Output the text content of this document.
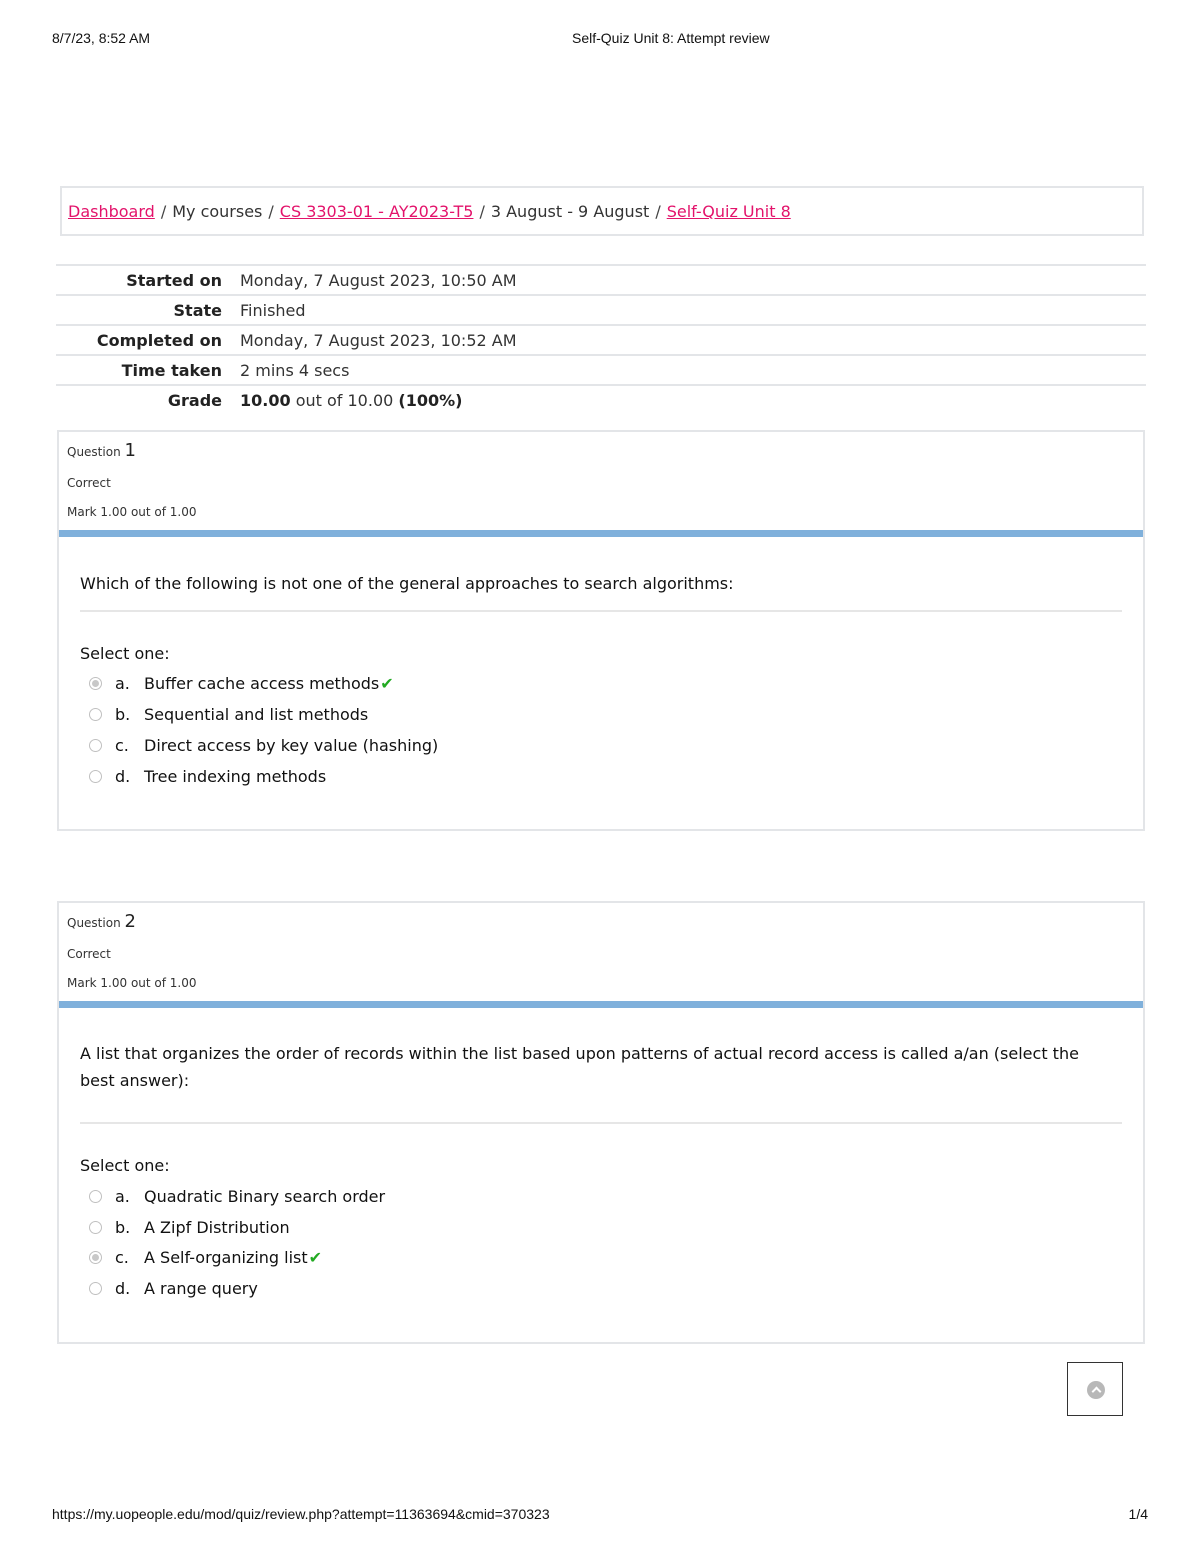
8/7/23, 8:52 AM	Self-Quiz Unit 8: Attempt review
Dashboard / My courses / CS 3303-01 - AY2023-T5 / 3 August - 9 August / Self-Quiz Unit 8
Started on	Monday, 7 August 2023, 10:50 AM
State	Finished
Completed on	Monday, 7 August 2023, 10:52 AM
Time taken	2 mins 4 secs
Grade	10.00 out of 10.00 (100%)
Question 1
Correct
Mark 1.00 out of 1.00
Which of the following is not one of the general approaches to search algorithms:
Select one:
a. Buffer cache access methods✔
b. Sequential and list methods
c. Direct access by key value (hashing)
d. Tree indexing methods
Question 2
Correct
Mark 1.00 out of 1.00
A list that organizes the order of records within the list based upon patterns of actual record access is called a/an (select the best answer):
Select one:
a. Quadratic Binary search order
b. A Zipf Distribution
c. A Self-organizing list✔
d. A range query
https://my.uopeople.edu/mod/quiz/review.php?attempt=11363694&cmid=370323	1/4
